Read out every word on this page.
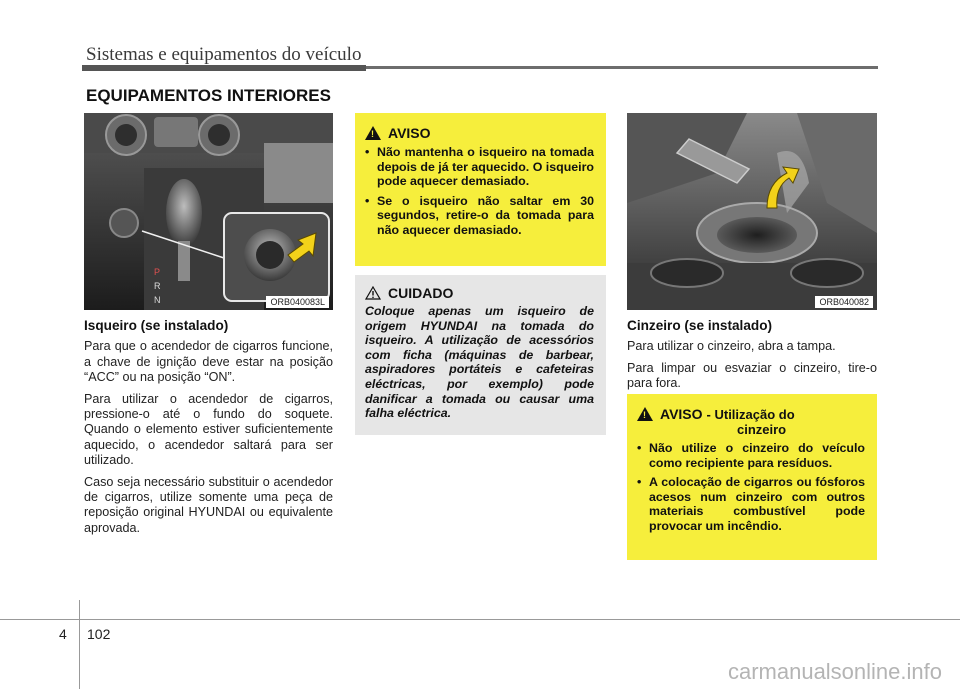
Sistemas e equipamentos do veículo
EQUIPAMENTOS INTERIORES
P
R
N	ORB040083L
Isqueiro (se instalado)

Para que o acendedor de cigarros funcione, a chave de ignição deve estar na posição “ACC” ou na posição “ON”.

Para utilizar o acendedor de cigarros, pressione-o até o fundo do soquete. Quando o elemento estiver suficientemente aquecido, o acendedor saltará para ser utilizado.

Caso seja necessário substituir o acendedor de cigarros, utilize somente uma peça de reposição original HYUNDAI ou equivalente aprovada.

!
AVISO
• Não mantenha o isqueiro na tomada depois de já ter aquecido. O isqueiro pode aquecer demasiado.
• Se o isqueiro não saltar em 30 segundos, retire-o da tomada para não aquecer demasiado.
CUIDADO
Coloque apenas um isqueiro de origem HYUNDAI na tomada do isqueiro. A utilização de acessórios com ficha (máquinas de barbear, aspiradores portáteis e cafeteiras eléctricas, por exemplo) pode danificar a tomada ou causar uma falha eléctrica.
ORB040082
Cinzeiro (se instalado)

Para utilizar o cinzeiro, abra a tampa.

Para limpar ou esvaziar o cinzeiro, tire-o para fora.

!
AVISO - Utilização do
cinzeiro
• Não utilize o cinzeiro do veículo como recipiente para resíduos.
• A colocação de cigarros ou fósforos acesos num cinzeiro com outros materiais combustível pode provocar um incêndio.
4 102
carmanualsonline.info
